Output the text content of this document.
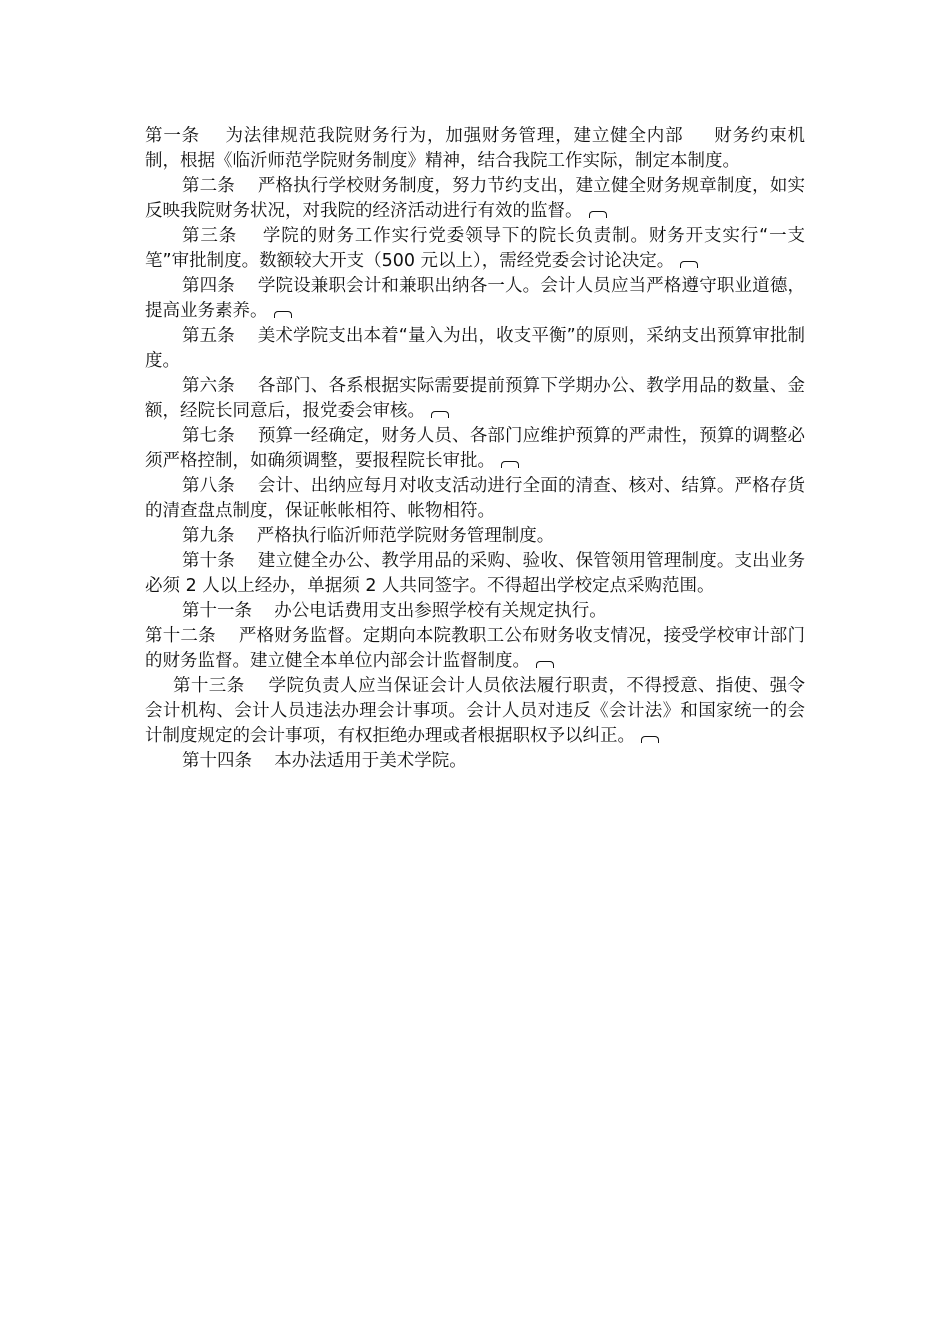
第一条 为法律规范我院财务行为，加强财务管理，建立健全内部 财务约束机制，根据《临沂师范学院财务制度》精神，结合我院工作实际，制定本制度。

第二条 严格执行学校财务制度，努力节约支出，建立健全财务规章制度，如实反映我院财务状况，对我院的经济活动进行有效的监督。

第三条 学院的财务工作实行党委领导下的院长负责制。财务开支实行“一支笔”审批制度。数额较大开支（500 元以上），需经党委会讨论决定。

第四条 学院设兼职会计和兼职出纳各一人。会计人员应当严格遵守职业道德，提高业务素养。

第五条 美术学院支出本着“量入为出，收支平衡”的原则，采纳支出预算审批制度。

第六条 各部门、各系根据实际需要提前预算下学期办公、教学用品的数量、金额，经院长同意后，报党委会审核。

第七条 预算一经确定，财务人员、各部门应维护预算的严肃性，预算的调整必须严格控制，如确须调整，要报程院长审批。

第八条 会计、出纳应每月对收支活动进行全面的清查、核对、结算。严格存货的清查盘点制度，保证帐帐相符、帐物相符。

第九条 严格执行临沂师范学院财务管理制度。

第十条 建立健全办公、教学用品的采购、验收、保管领用管理制度。支出业务必须 2 人以上经办，单据须 2 人共同签字。不得超出学校定点采购范围。

第十一条 办公电话费用支出参照学校有关规定执行。

第十二条 严格财务监督。定期向本院教职工公布财务收支情况，接受学校审计部门的财务监督。建立健全本单位内部会计监督制度。

第十三条 学院负责人应当保证会计人员依法履行职责，不得授意、指使、强令会计机构、会计人员违法办理会计事项。会计人员对违反《会计法》和国家统一的会计制度规定的会计事项，有权拒绝办理或者根据职权予以纠正。

第十四条 本办法适用于美术学院。
